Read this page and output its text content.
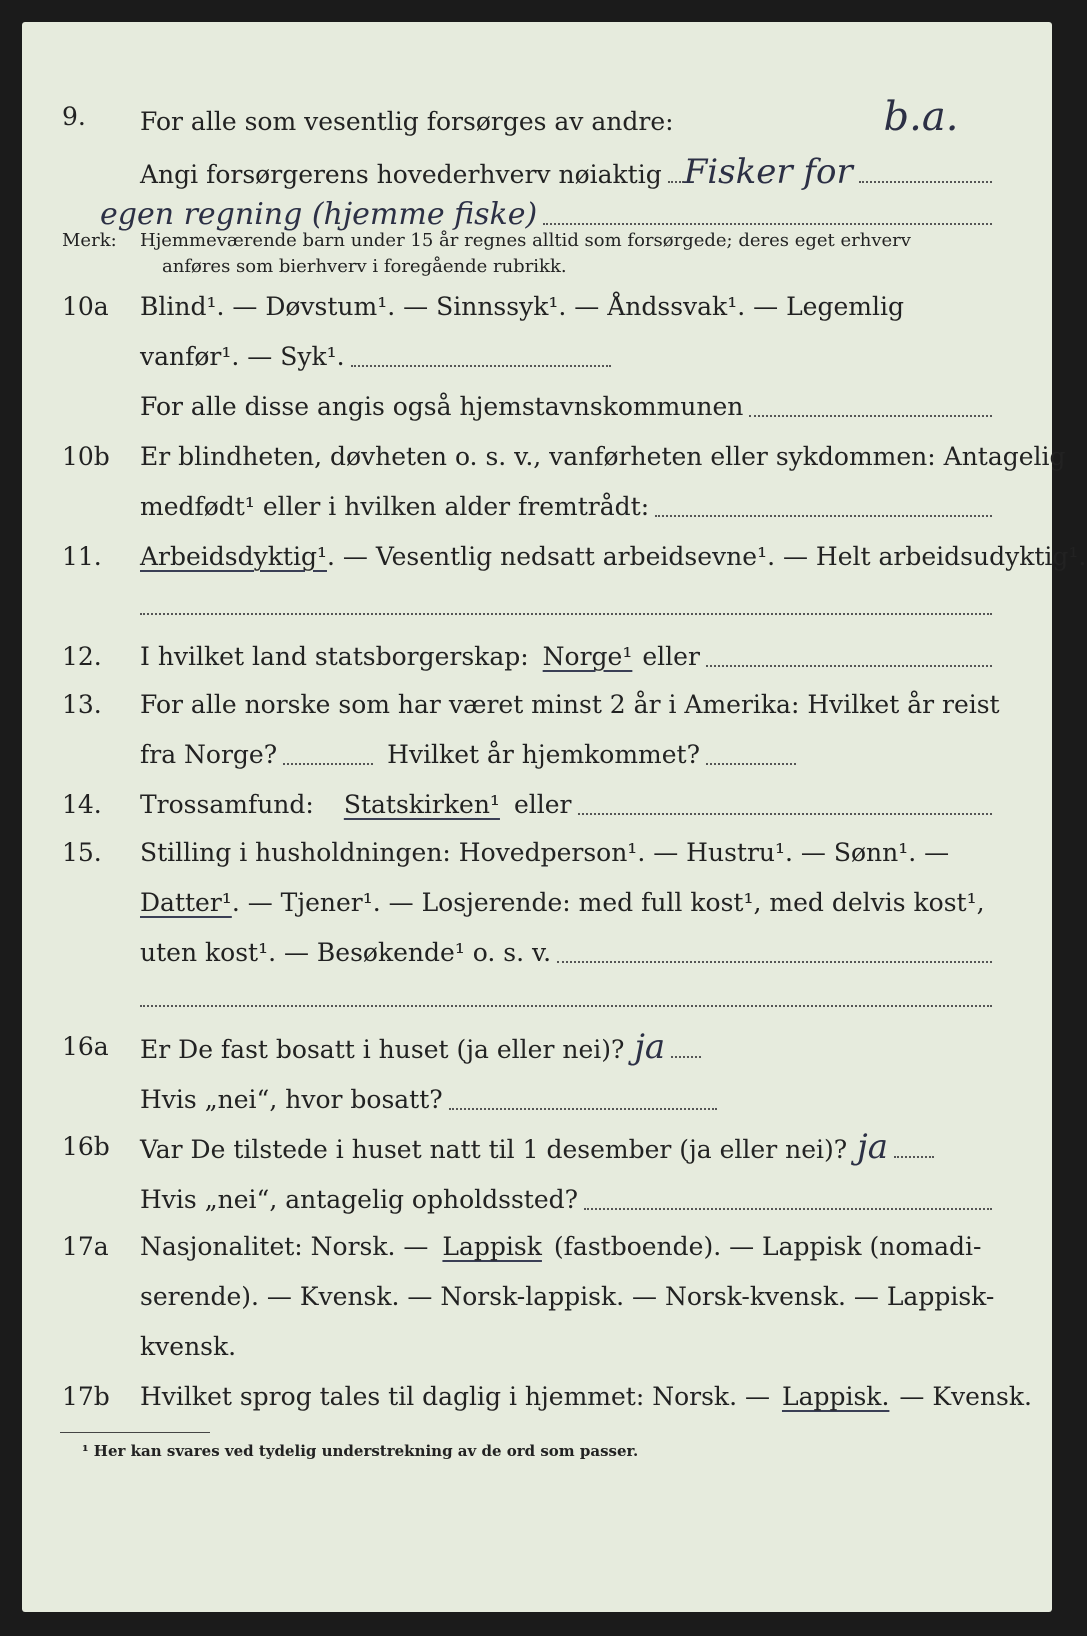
9.	For alle som vesentlig forsørges av andre:	b.a.
Angi forsørgerens hovederhverv nøiaktig Fisker for
egen regning (hjemme fiske)
Merk:	Hjemmeværende barn under 15 år regnes alltid som forsørgede; deres eget erhverv
anføres som bierhverv i foregående rubrikk.
10a	Blind¹. — Døvstum¹. — Sinnssyk¹. — Åndssvak¹. — Legemlig
vanfør¹. — Syk¹.
For alle disse angis også hjemstavnskommunen
10b	Er blindheten, døvheten o. s. v., vanførheten eller sykdommen: Antagelig
medfødt¹ eller i hvilken alder fremtrådt:
11.	Arbeidsdyktig¹ . — Vesentlig nedsatt arbeidsevne¹. — Helt arbeidsudyktig¹.
12.	I hvilket land statsborgerskap: Norge¹ eller
13.	For alle norske som har været minst 2 år i Amerika: Hvilket år reist
fra Norge?	Hvilket år hjemkommet?
14.	Trossamfund: Statskirken¹ eller
15.	Stilling i husholdningen: Hovedperson¹. — Hustru¹. — Sønn¹. —
Datter¹ . — Tjener¹. — Losjerende: med full kost¹, med delvis kost¹,
uten kost¹. — Besøkende¹ o. s. v.
16a	Er De fast bosatt i huset (ja eller nei)? ja
Hvis „nei“, hvor bosatt?
16b	Var De tilstede i huset natt til 1 desember (ja eller nei)? ja
Hvis „nei“, antagelig opholdssted?
17a	Nasjonalitet: Norsk. — Lappisk (fastboende). — Lappisk (nomadi-
serende). — Kvensk. — Norsk-lappisk. — Norsk-kvensk. — Lappisk-
kvensk.
17b	Hvilket sprog tales til daglig i hjemmet: Norsk. — Lappisk. — Kvensk.
¹ Her kan svares ved tydelig understrekning av de ord som passer.
